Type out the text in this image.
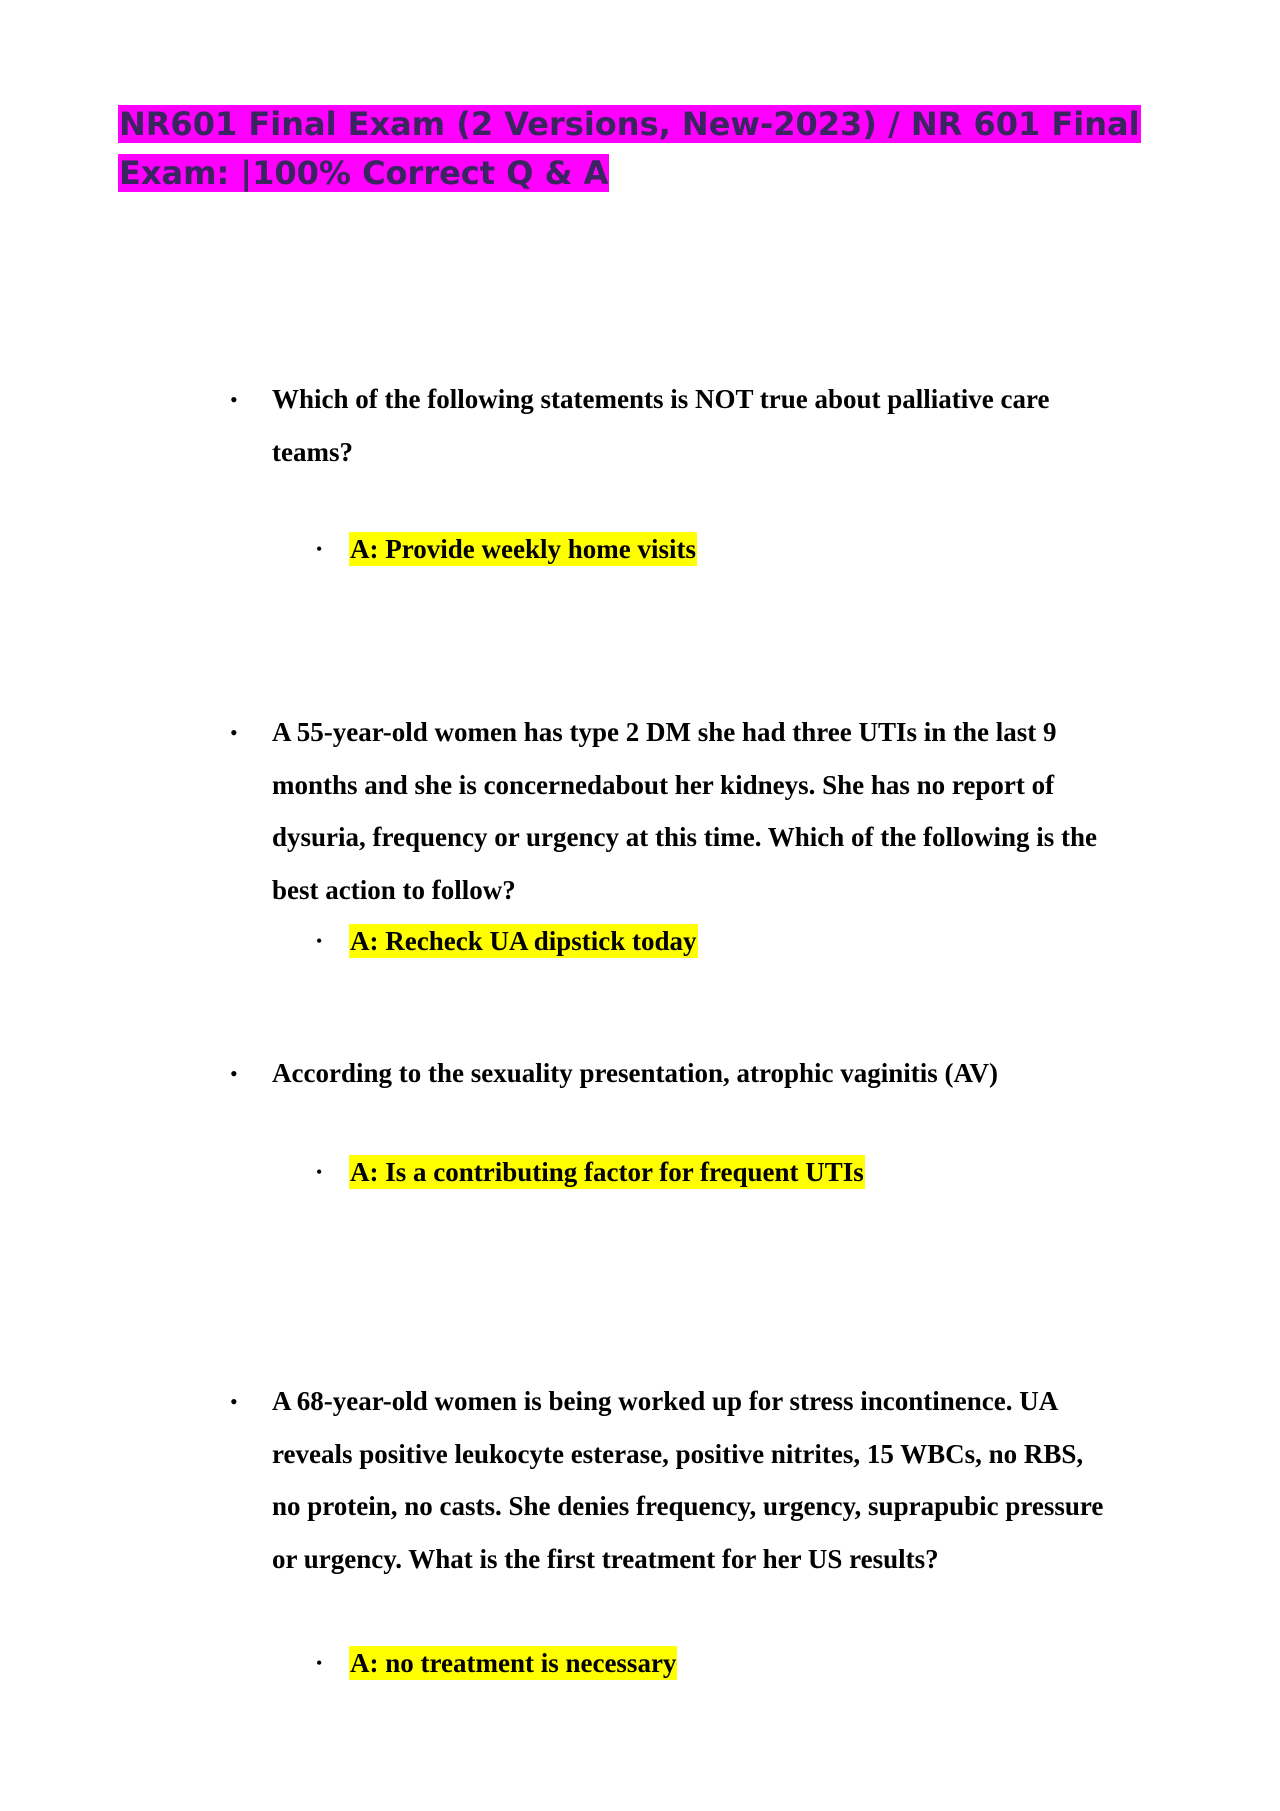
NR601 Final Exam (2 Versions, New-2023) / NR 601 Final Exam: |100% Correct Q & A
• Which of the following statements is NOT true about palliative care teams?

• A: Provide weekly home visits
• A 55-year-old women has type 2 DM she had three UTIs in the last 9 months and she is concernedabout her kidneys. She has no report of dysuria, frequency or urgency at this time. Which of the following is the best action to follow?

• A: Recheck UA dipstick today
• According to the sexuality presentation, atrophic vaginitis (AV)

• A: Is a contributing factor for frequent UTIs
• A 68-year-old women is being worked up for stress incontinence. UA reveals positive leukocyte esterase, positive nitrites, 15 WBCs, no RBS, no protein, no casts. She denies frequency, urgency, suprapubic pressure or urgency. What is the first treatment for her US results?

• A: no treatment is necessary
